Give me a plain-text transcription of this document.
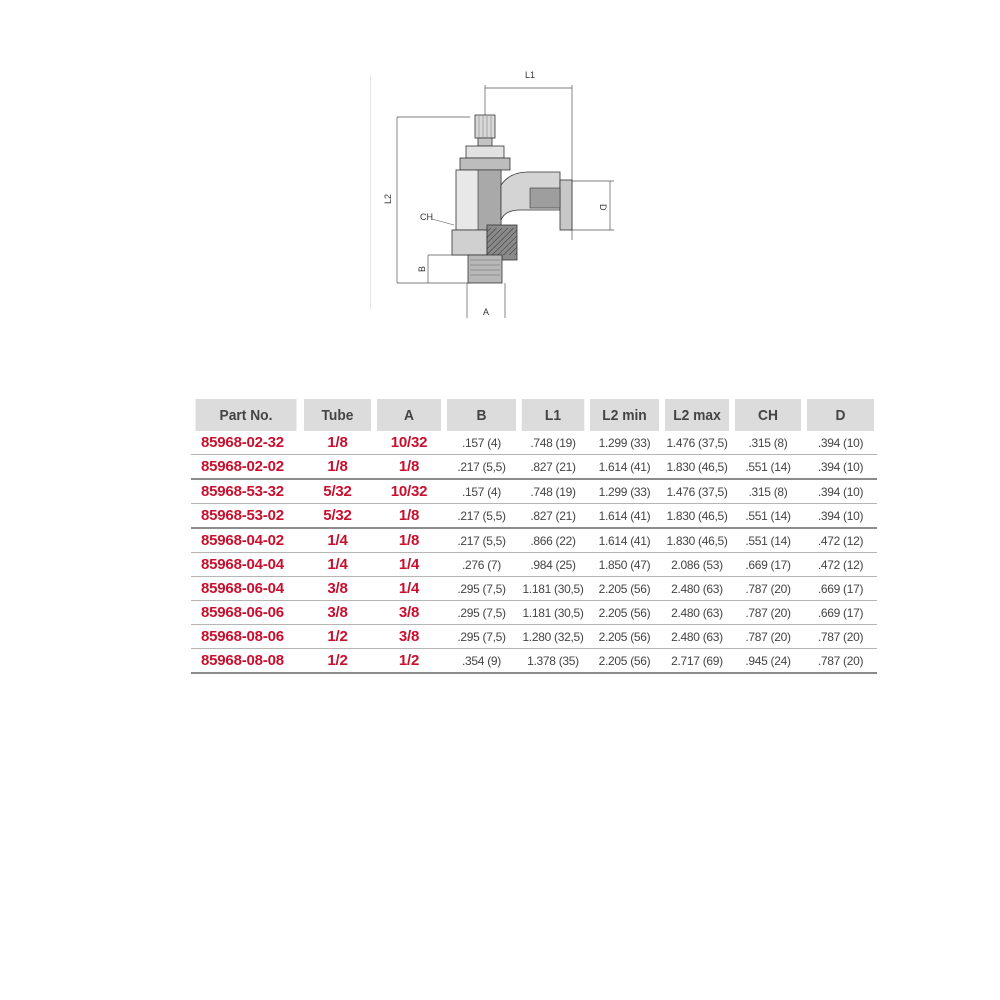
L1
L2
B
D
A
CH
Part No.	Tube	A	B	L1	L2 min	L2 max	CH	D
85968-02-32	1/8	10/32	.157 (4)	.748 (19)	1.299 (33)	1.476 (37,5)	.315 (8)	.394 (10)
85968-02-02	1/8	1/8	.217 (5,5)	.827 (21)	1.614 (41)	1.830 (46,5)	.551 (14)	.394 (10)
85968-53-32	5/32	10/32	.157 (4)	.748 (19)	1.299 (33)	1.476 (37,5)	.315 (8)	.394 (10)
85968-53-02	5/32	1/8	.217 (5,5)	.827 (21)	1.614 (41)	1.830 (46,5)	.551 (14)	.394 (10)
85968-04-02	1/4	1/8	.217 (5,5)	.866 (22)	1.614 (41)	1.830 (46,5)	.551 (14)	.472 (12)
85968-04-04	1/4	1/4	.276 (7)	.984 (25)	1.850 (47)	2.086 (53)	.669 (17)	.472 (12)
85968-06-04	3/8	1/4	.295 (7,5)	1.181 (30,5)	2.205 (56)	2.480 (63)	.787 (20)	.669 (17)
85968-06-06	3/8	3/8	.295 (7,5)	1.181 (30,5)	2.205 (56)	2.480 (63)	.787 (20)	.669 (17)
85968-08-06	1/2	3/8	.295 (7,5)	1.280 (32,5)	2.205 (56)	2.480 (63)	.787 (20)	.787 (20)
85968-08-08	1/2	1/2	.354 (9)	1.378 (35)	2.205 (56)	2.717 (69)	.945 (24)	.787 (20)
